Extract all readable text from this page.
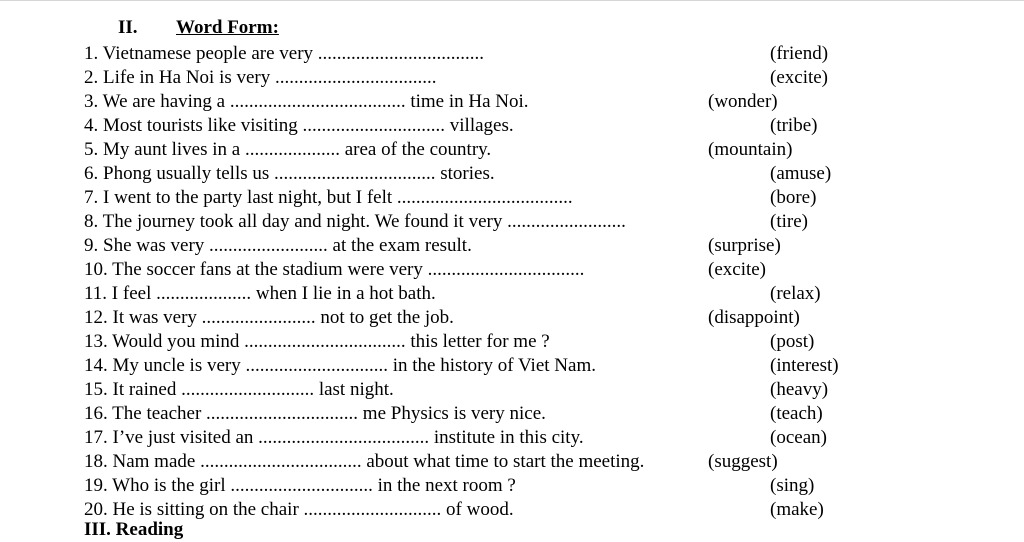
II. Word Form:
1. Vietnamese people are very ...................................	(friend)
2. Life in Ha Noi is very ..................................	(excite)
3. We are having a ..................................... time in Ha Noi.	(wonder)
4. Most tourists like visiting .............................. villages.	(tribe)
5. My aunt lives in a .................... area of the country.	(mountain)
6. Phong usually tells us .................................. stories.	(amuse)
7. I went to the party last night, but I felt .....................................	(bore)
8. The journey took all day and night. We found it very .........................	(tire)
9. She was very ......................... at the exam result.	(surprise)
10. The soccer fans at the stadium were very .................................	(excite)
11. I feel .................... when I lie in a hot bath.	(relax)
12. It was very ........................ not to get the job.	(disappoint)
13. Would you mind .................................. this letter for me ?	(post)
14. My uncle is very .............................. in the history of Viet Nam.	(interest)
15. It rained ............................ last night.	(heavy)
16. The teacher ................................ me Physics is very nice.	(teach)
17. I’ve just visited an .................................... institute in this city.	(ocean)
18. Nam made .................................. about what time to start the meeting.	(suggest)
19. Who is the girl .............................. in the next room ?	(sing)
20. He is sitting on the chair ............................. of wood.	(make)
III. Reading
